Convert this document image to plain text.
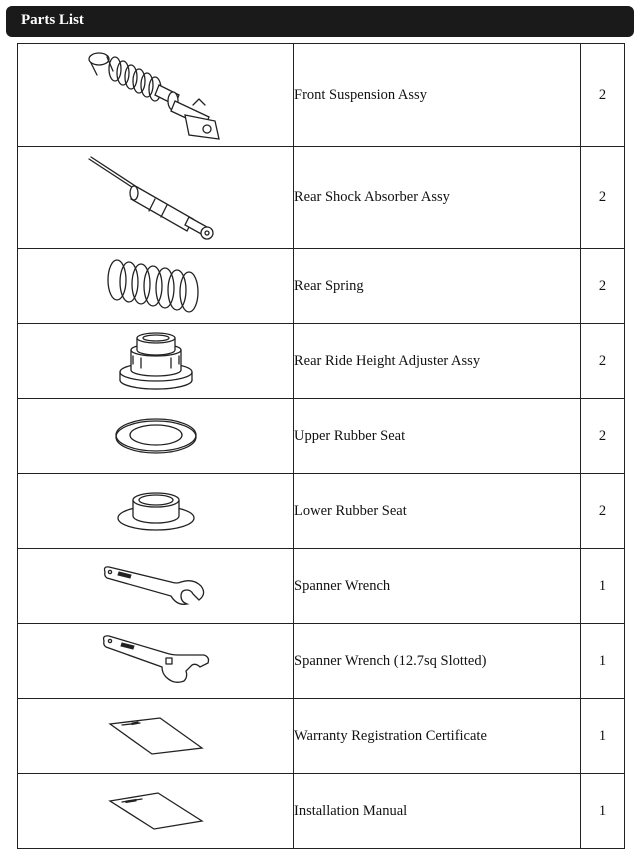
Parts List
	Front Suspension Assy	2

	Rear Shock Absorber Assy	2

	Rear Spring	2

	Rear Ride Height Adjuster Assy	2

	Upper Rubber Seat	2

	Lower Rubber Seat	2

	Spanner Wrench	1

	Spanner Wrench (12.7sq Slotted)	1

	Warranty Registration Certificate	1

	Installation Manual	1
